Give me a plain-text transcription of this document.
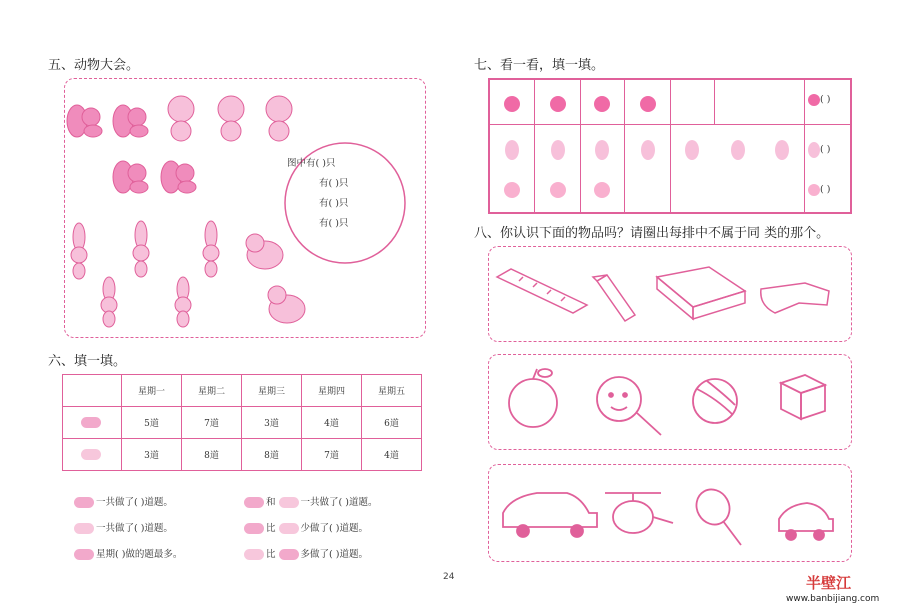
五、动物大会。
图中有( )只
有( )只
有( )只
有( )只
六、填一填。
	星期一	星期二	星期三	星期四	星期五
	5道	7道	3道	4道	6道
	3道	8道	8道	7道	4道
一共做了( )道题。	和	一共做了( )道题。
一共做了( )道题。	比	少做了( )道题。
星期( )做的题最多。	比	多做了( )道题。
七、看一看，填一填。
( )
( )
( )
八、你认识下面的物品吗？请圈出每排中不属于同 类的那个。
24	半壁江
www.banbijiang.com
